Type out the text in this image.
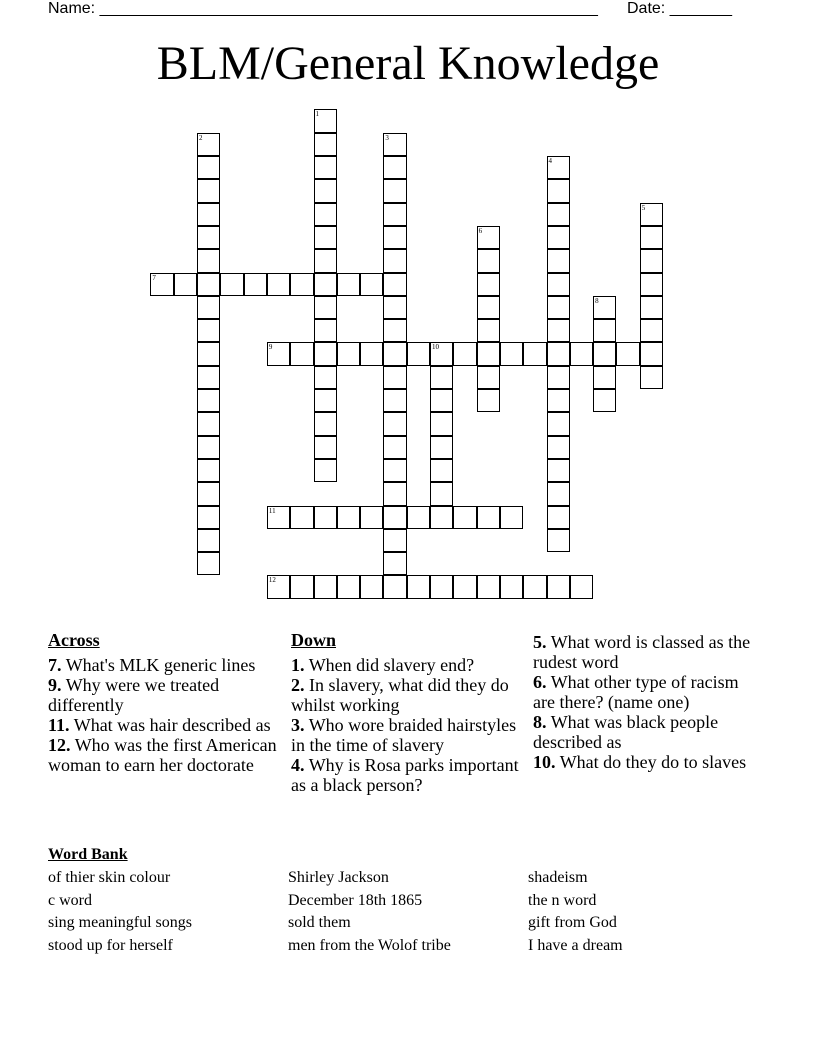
Name: ________________________________________________________ Date: _______
BLM/General Knowledge
1
2	3
4
5
6
7
8
9	10
11
12
Across
7. What's MLK generic lines
9. Why were we treated differently
11. What was hair described as
12. Who was the first American woman to earn her doctorate
Down
1. When did slavery end?
2. In slavery, what did they do whilst working
3. Who wore braided hairstyles in the time of slavery
4. Why is Rosa parks important as a black person?
5. What word is classed as the rudest word
6. What other type of racism are there? (name one)
8. What was black people described as
10. What do they do to slaves
Word Bank
of thier skin colour	Shirley Jackson	shadeism
c word	December 18th 1865	the n word
sing meaningful songs	sold them	gift from God
stood up for herself	men from the Wolof tribe	I have a dream
